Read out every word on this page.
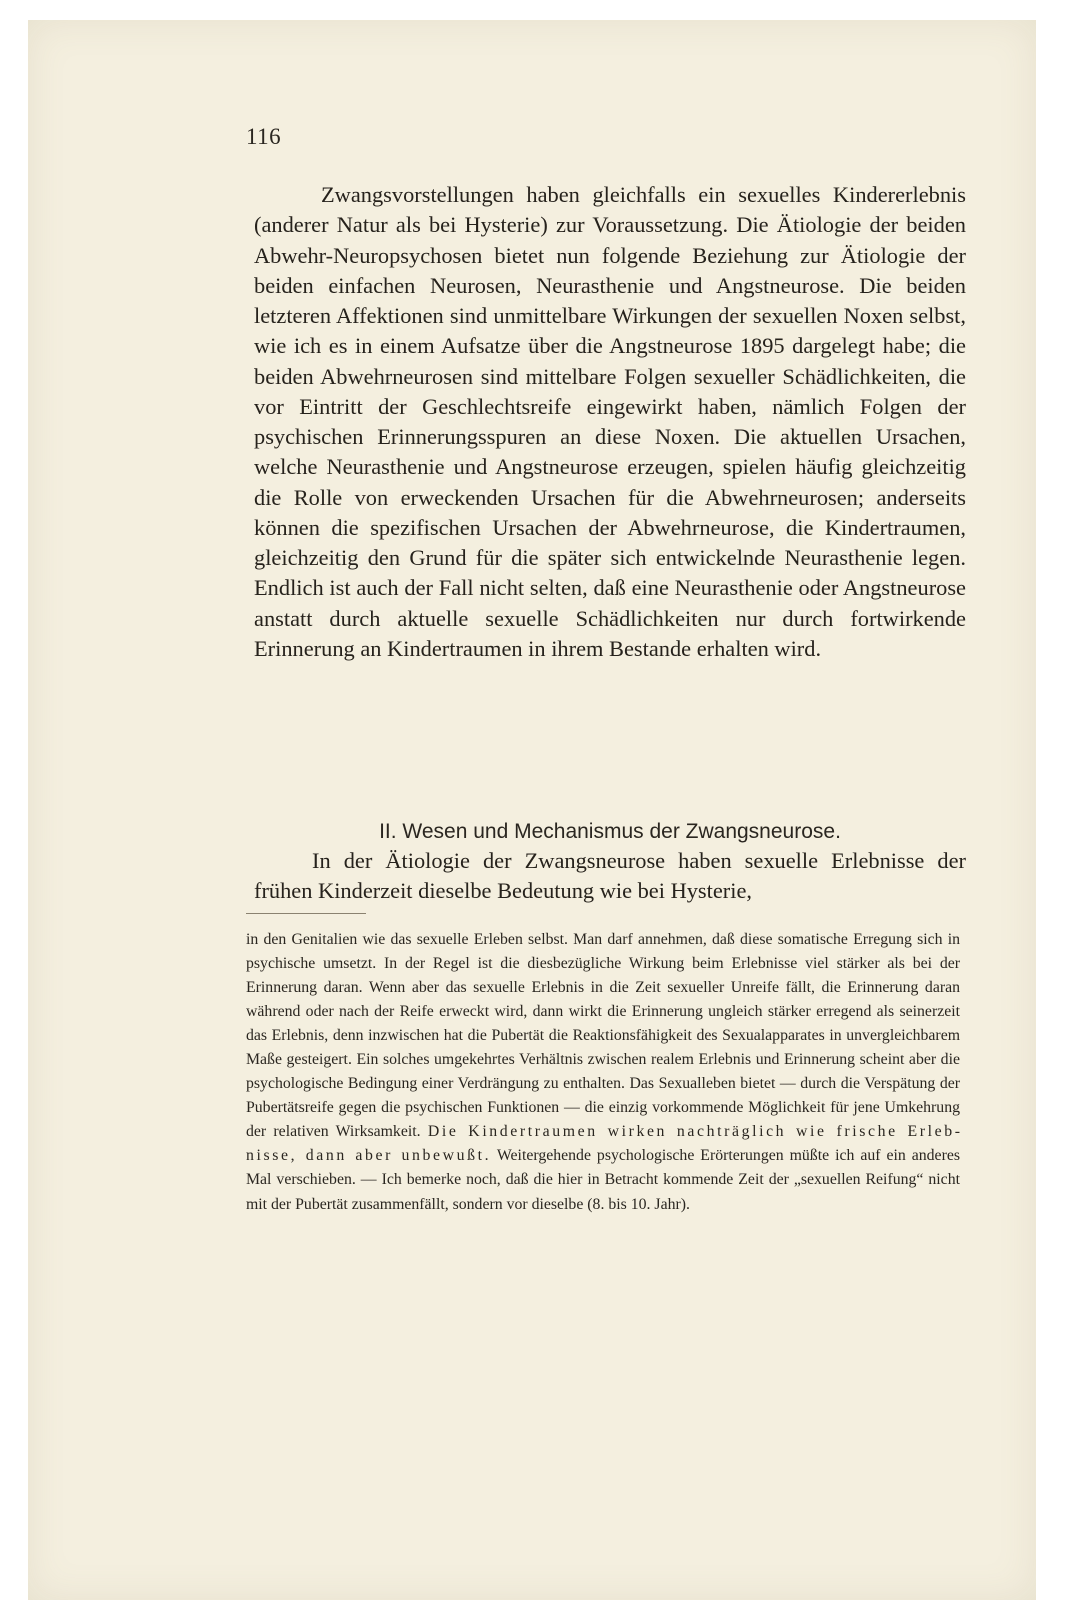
116

Zwangsvorstellungen haben gleichfalls ein sexuelles Kindererlebnis (anderer Natur als bei Hysterie) zur Voraussetzung. Die Ätiologie der beiden Abwehr-Neuropsychosen bietet nun folgende Beziehung zur Ätiologie der beiden einfachen Neurosen, Neurasthenie und Angstneurose. Die beiden letzteren Affektionen sind unmittelbare Wirkungen der sexuellen Noxen selbst, wie ich es in einem Aufsatze über die Angstneurose 1895 dargelegt habe; die beiden Abwehrneurosen sind mittelbare Folgen sexueller Schädlichkeiten, die vor Eintritt der Geschlechtsreife eingewirkt haben, nämlich Folgen der psychischen Erinnerungsspuren an diese Noxen. Die aktuellen Ursachen, welche Neurasthenie und Angstneurose erzeugen, spielen häufig gleichzeitig die Rolle von erweckenden Ursachen für die Abwehrneurosen; anderseits können die spezifischen Ursachen der Abwehrneurose, die Kindertraumen, gleichzeitig den Grund für die später sich entwickelnde Neurasthenie legen. Endlich ist auch der Fall nicht selten, daß eine Neurasthenie oder Angstneurose anstatt durch aktuelle sexuelle Schädlichkeiten nur durch fortwirkende Erinnerung an Kindertraumen in ihrem Bestande erhalten wird.

II. Wesen und Mechanismus der Zwangsneurose.

In der Ätiologie der Zwangsneurose haben sexuelle Erlebnisse der frühen Kinderzeit dieselbe Bedeutung wie bei Hysterie,

in den Genitalien wie das sexuelle Erleben selbst. Man darf annehmen, daß diese somatische Erregung sich in psychische umsetzt. In der Regel ist die diesbezügliche Wirkung beim Erlebnisse viel stärker als bei der Erinnerung daran. Wenn aber das sexuelle Erlebnis in die Zeit sexueller Unreife fällt, die Erinnerung daran während oder nach der Reife erweckt wird, dann wirkt die Erinnerung ungleich stärker erregend als seinerzeit das Erlebnis, denn inzwischen hat die Pubertät die Reaktionsfähigkeit des Sexualapparates in unvergleichbarem Maße gesteigert. Ein solches umgekehrtes Verhältnis zwischen realem Erlebnis und Erinnerung scheint aber die psychologische Bedingung einer Verdrängung zu enthalten. Das Sexualleben bietet — durch die Verspätung der Pubertätsreife gegen die psychischen Funktionen — die einzig vorkommende Möglichkeit für jene Umkehrung der relativen Wirksamkeit. Die Kindertraumen wirken nachträglich wie frische Erlebnisse, dann aber unbewußt. Weitergehende psychologische Erörterungen müßte ich auf ein anderes Mal verschieben. — Ich bemerke noch, daß die hier in Betracht kommende Zeit der „sexuellen Reifung“ nicht mit der Pubertät zusammenfällt, sondern vor dieselbe (8. bis 10. Jahr).
